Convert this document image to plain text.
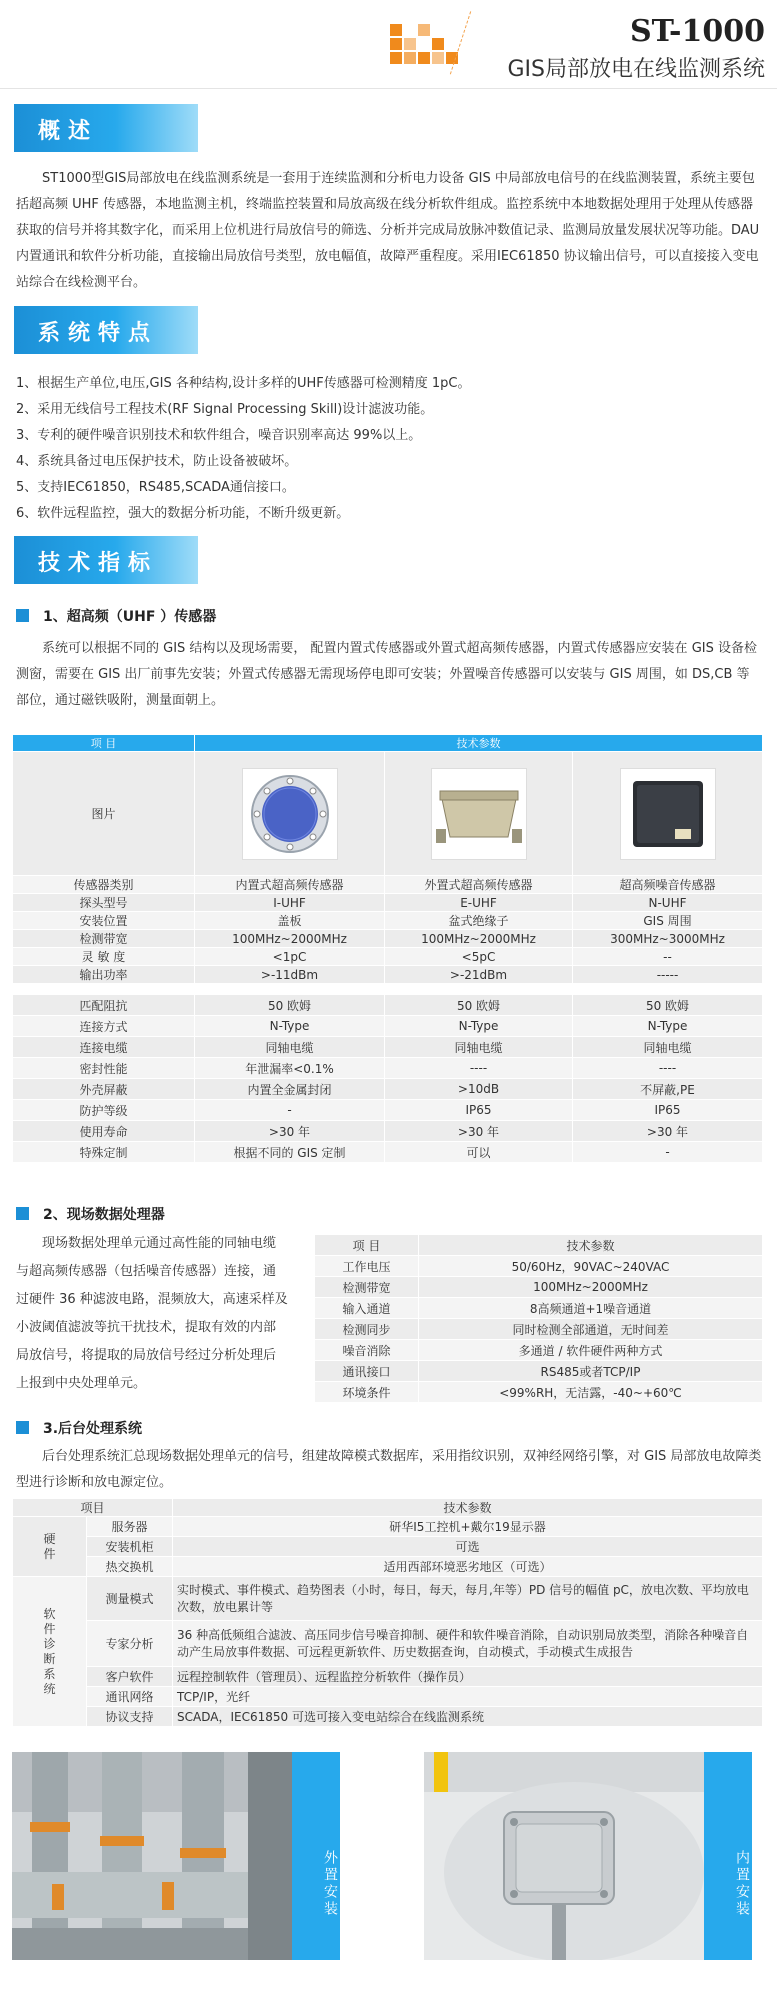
ST-1000
GIS局部放电在线监测系统
概述

ST1000型GIS局部放电在线监测系统是一套用于连续监测和分析电力设备 GIS 中局部放电信号的在线监测装置，系统主要包括超高频 UHF 传感器，本地监测主机，终端监控装置和局放高级在线分析软件组成。监控系统中本地数据处理用于处理从传感器获取的信号并将其数字化，而采用上位机进行局放信号的筛选、分析并完成局放脉冲数值记录、监测局放量发展状况等功能。DAU内置通讯和软件分析功能，直接输出局放信号类型，放电幅值，故障严重程度。采用IEC61850 协议输出信号，可以直接接入变电站综合在线检测平台。

系统特点
1、根据生产单位,电压,GIS 各种结构,设计多样的UHF传感器可检测精度 1pC。
2、采用无线信号工程技术(RF Signal Processing Skill)设计滤波功能。
3、专利的硬件噪音识别技术和软件组合，噪音识别率高达 99%以上。
4、系统具备过电压保护技术，防止设备被破坏。
5、支持IEC61850，RS485,SCADA通信接口。
6、软件远程监控，强大的数据分析功能，不断升级更新。
技术指标
1、超高频（UHF ）传感器

系统可以根据不同的 GIS 结构以及现场需要， 配置内置式传感器或外置式超高频传感器，内置式传感器应安装在 GIS 设备检测窗，需要在 GIS 出厂前事先安装；外置式传感器无需现场停电即可安装；外置噪音传感器可以安装与 GIS 周围，如 DS,CB 等部位，通过磁铁吸附，测量面朝上。

项 目	技术参数		
图片	

传感器类别	内置式超高频传感器	外置式超高频传感器	超高频噪音传感器
探头型号	I-UHF	E-UHF	N-UHF
安装位置	盖板	盆式绝缘子	GIS 周围
检测带宽	100MHz~2000MHz	100MHz~2000MHz	300MHz~3000MHz
灵 敏 度	<1pC	<5pC	--
输出功率	>-11dBm	>-21dBm	-----
匹配阻抗	50 欧姆	50 欧姆	50 欧姆
连接方式	N-Type	N-Type	N-Type
连接电缆	同轴电缆	同轴电缆	同轴电缆
密封性能	年泄漏率<0.1%	----	----
外壳屏蔽	内置全金属封闭	>10dB	不屏蔽,PE
防护等级	-	IP65	IP65
使用寿命	>30 年	>30 年	>30 年
特殊定制	根据不同的 GIS 定制	可以	-
2、现场数据处理器

现场数据处理单元通过高性能的同轴电缆与超高频传感器（包括噪音传感器）连接，通过硬件 36 种滤波电路，混频放大，高速采样及小波阈值滤波等抗干扰技术，提取有效的内部局放信号，将提取的局放信号经过分析处理后上报到中央处理单元。

项 目	技术参数
工作电压	50/60Hz，90VAC~240VAC
检测带宽	100MHz~2000MHz
输入通道	8高频通道+1噪音通道
检测同步	同时检测全部通道，无时间差
噪音消除	多通道 / 软件硬件两种方式
通讯接口	RS485或者TCP/IP
环境条件	<99%RH，无洁露，-40~+60℃
3.后台处理系统

后台处理系统汇总现场数据处理单元的信号，组建故障模式数据库，采用指纹识别，双神经网络引擎，对 GIS 局部放电故障类型进行诊断和放电源定位。

项目		技术参数
硬件	服务器	研华I5工控机+戴尔19显示器
	安装机柜	可选
	热交换机	适用西部环境恶劣地区（可选）
软件诊断系统	测量模式	实时模式、事件模式、趋势图表（小时，每日，每天，每月,年等）PD 信号的幅值 pC，放电次数、平均放电次数，放电累计等
	专家分析	36 种高低频组合滤波、高压同步信号噪音抑制、硬件和软件噪音消除，自动识别局放类型，消除各种噪音自动产生局放事件数据、可远程更新软件、历史数据查询，自动模式，手动模式生成报告
	客户软件	远程控制软件（管理员）、远程监控分析软件（操作员）
	通讯网络	TCP/IP，光纤
	协议支持	SCADA，IEC61850 可选可接入变电站综合在线监测系统
外置安装	内置安装
